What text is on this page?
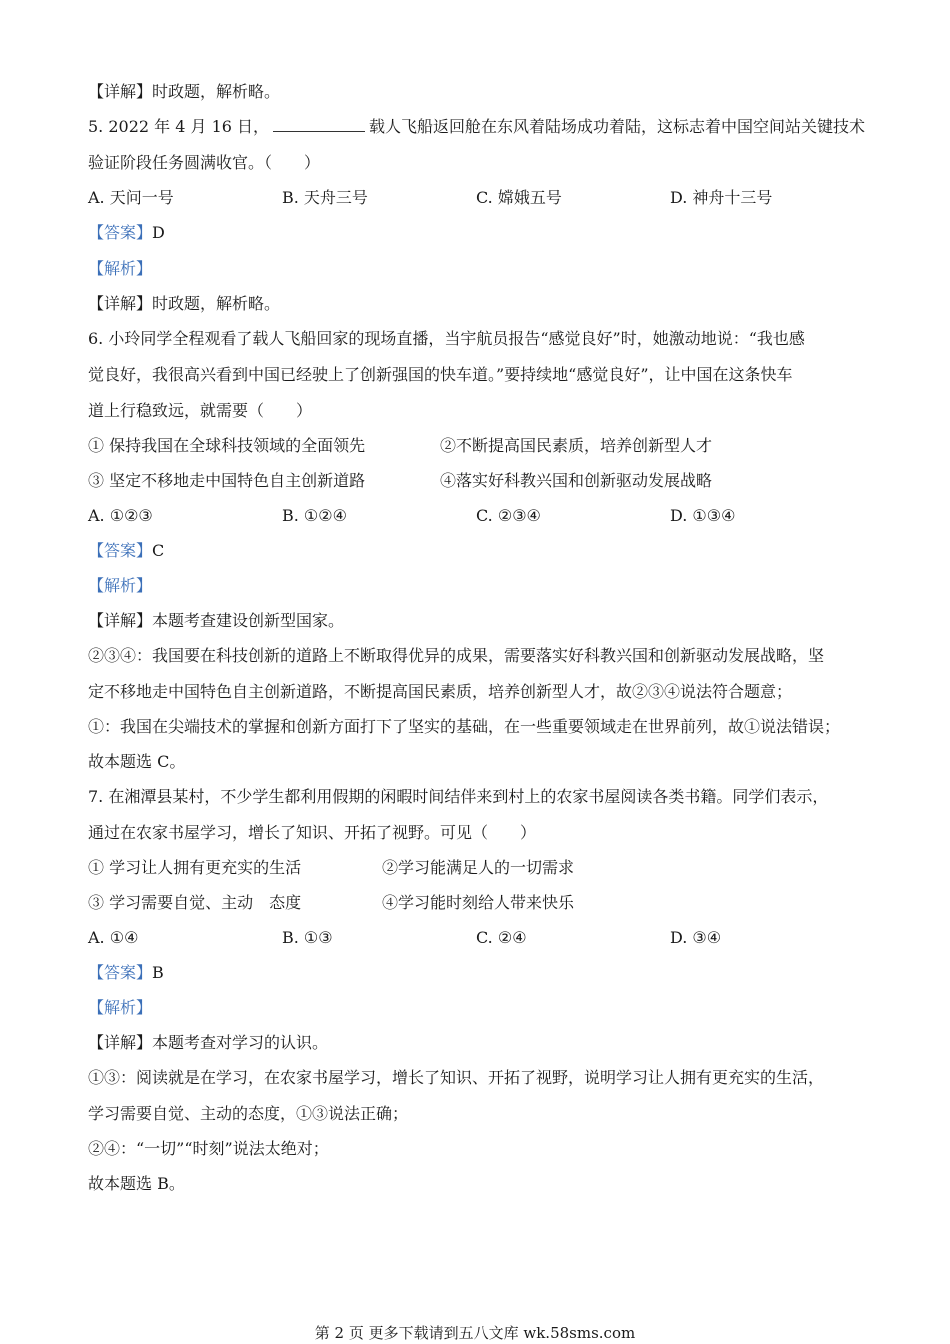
【详解】时政题，解析略。
5. 2022 年 4 月 16 日，	载人飞船返回舱在东风着陆场成功着陆，这标志着中国空间站关键技术
验证阶段任务圆满收官。（　　）
A. 天问一号	B. 天舟三号	C. 嫦娥五号	D. 神舟十三号
【答案】D
【解析】
【详解】时政题，解析略。
6. 小玲同学全程观看了载人飞船回家的现场直播，当宇航员报告“感觉良好”时，她激动地说：“我也感
觉良好，我很高兴看到中国已经驶上了创新强国的快车道。”要持续地“感觉良好”，让中国在这条快车
道上行稳致远，就需要（　　）
① 保持我国在全球科技领域的全面领先	②不断提高国民素质，培养创新型人才
③ 坚定不移地走中国特色自主创新道路	④落实好科教兴国和创新驱动发展战略
A. ①②③	B. ①②④	C. ②③④	D. ①③④
【答案】C
【解析】
【详解】本题考查建设创新型国家。
②③④：我国要在科技创新的道路上不断取得优异的成果，需要落实好科教兴国和创新驱动发展战略，坚
定不移地走中国特色自主创新道路，不断提高国民素质，培养创新型人才，故②③④说法符合题意；
①：我国在尖端技术的掌握和创新方面打下了坚实的基础，在一些重要领域走在世界前列，故①说法错误；
故本题选 C。
7. 在湘潭县某村，不少学生都利用假期的闲暇时间结伴来到村上的农家书屋阅读各类书籍。同学们表示，
通过在农家书屋学习，增长了知识、开拓了视野。可见（　　）
① 学习让人拥有更充实的生活	②学习能满足人的一切需求
③ 学习需要自觉、主动　态度	④学习能时刻给人带来快乐
A. ①④	B. ①③	C. ②④	D. ③④
【答案】B
【解析】
【详解】本题考查对学习的认识。
①③：阅读就是在学习，在农家书屋学习，增长了知识、开拓了视野，说明学习让人拥有更充实的生活，
学习需要自觉、主动的态度，①③说法正确；
②④：“一切”“时刻”说法太绝对；
故本题选 B。
第 2 页 更多下载请到五八文库 wk.58sms.com
